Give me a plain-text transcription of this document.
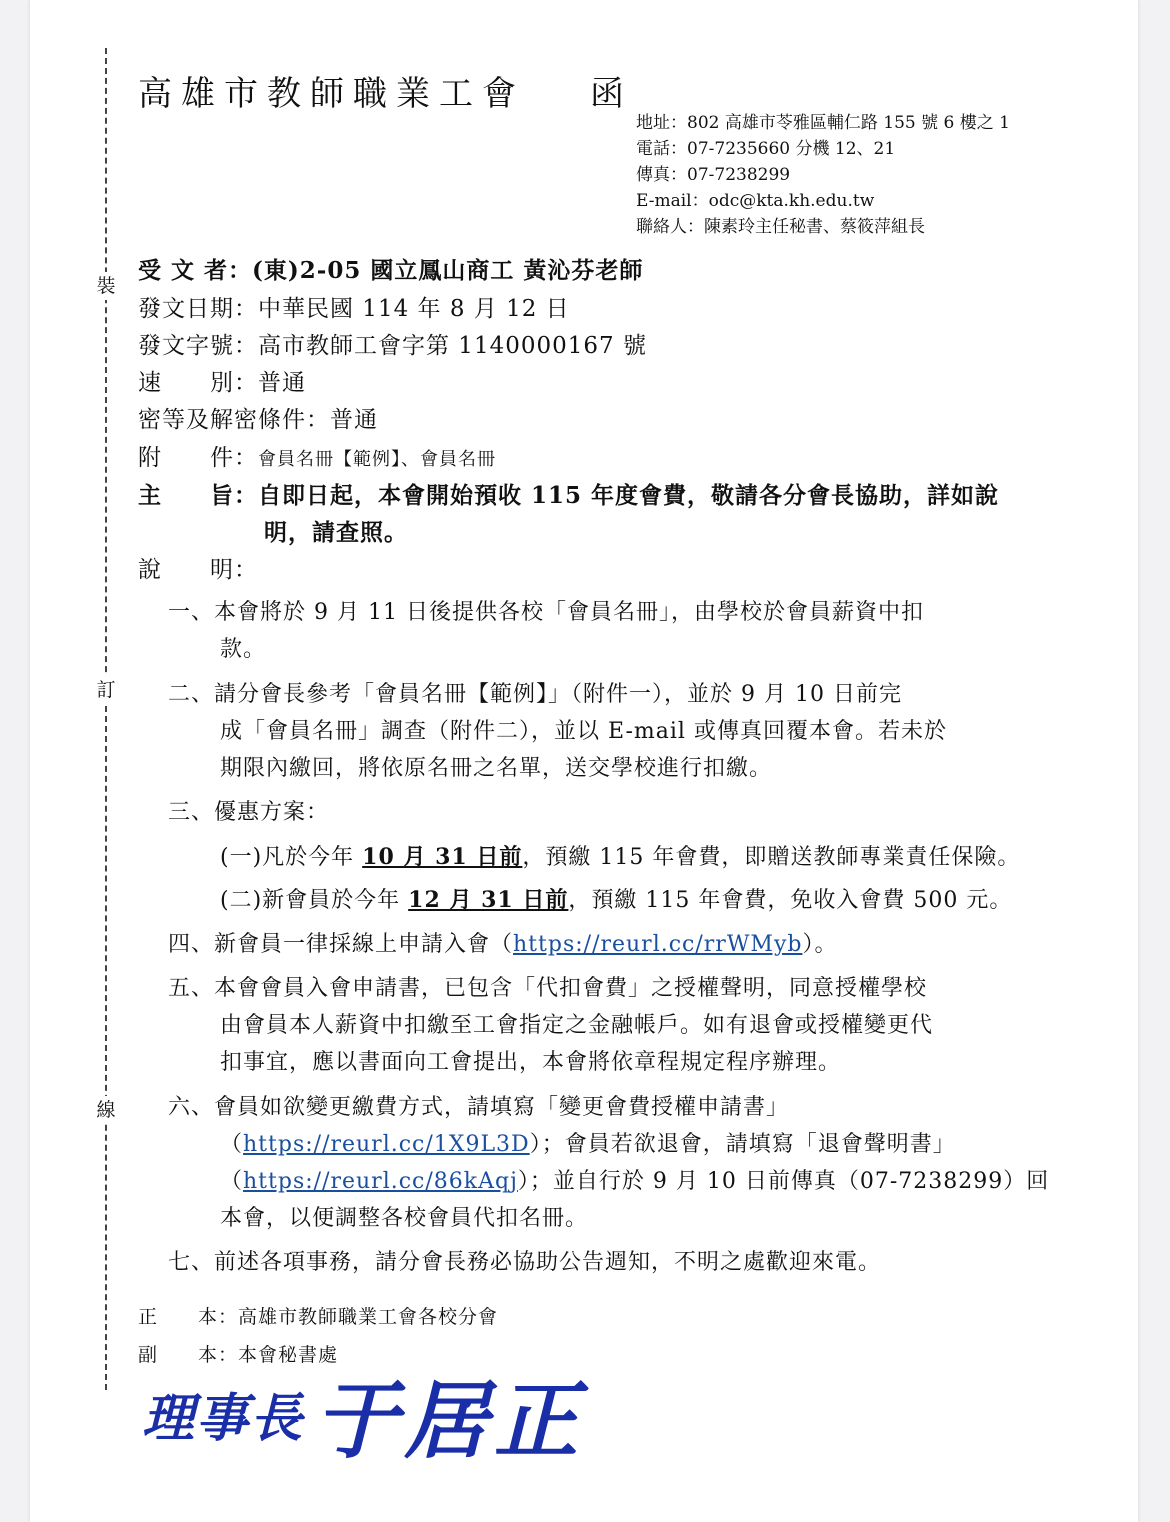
裝
訂
線
高雄市教師職業工會 函
地址：802 高雄市苓雅區輔仁路 155 號 6 樓之 1
電話：07-7235660 分機 12、21
傳真：07-7238299
E-mail：odc@kta.kh.edu.tw
聯絡人：陳素玲主任秘書、蔡筱萍組長
受 文 者：(東)2-05 國立鳳山商工 黃沁芬老師
發文日期：中華民國 114 年 8 月 12 日
發文字號：高市教師工會字第 1140000167 號
速　　別：普通
密等及解密條件：普通
附　　件：會員名冊【範例】、會員名冊
主　　旨：自即日起，本會開始預收 115 年度會費，敬請各分會長協助，詳如說
明，請查照。
說　　明：
一、本會將於 9 月 11 日後提供各校「會員名冊」，由學校於會員薪資中扣
款。
二、請分會長參考「會員名冊【範例】」（附件一），並於 9 月 10 日前完
成「會員名冊」調查（附件二），並以 E-mail 或傳真回覆本會。若未於
期限內繳回，將依原名冊之名單，送交學校進行扣繳。
三、優惠方案：
(一)凡於今年 10 月 31 日前，預繳 115 年會費，即贈送教師專業責任保險。
(二)新會員於今年 12 月 31 日前，預繳 115 年會費，免收入會費 500 元。
四、新會員一律採線上申請入會（https://reurl.cc/rrWMyb）。
五、本會會員入會申請書，已包含「代扣會費」之授權聲明，同意授權學校
由會員本人薪資中扣繳至工會指定之金融帳戶。如有退會或授權變更代
扣事宜，應以書面向工會提出，本會將依章程規定程序辦理。
六、會員如欲變更繳費方式，請填寫「變更會費授權申請書」
（https://reurl.cc/1X9L3D）；會員若欲退會，請填寫「退會聲明書」
（https://reurl.cc/86kAqj）；並自行於 9 月 10 日前傳真（07-7238299）回
本會，以便調整各校會員代扣名冊。
七、前述各項事務，請分會長務必協助公告週知，不明之處歡迎來電。
正　　本：高雄市教師職業工會各校分會
副　　本：本會秘書處
理事長 于居正
